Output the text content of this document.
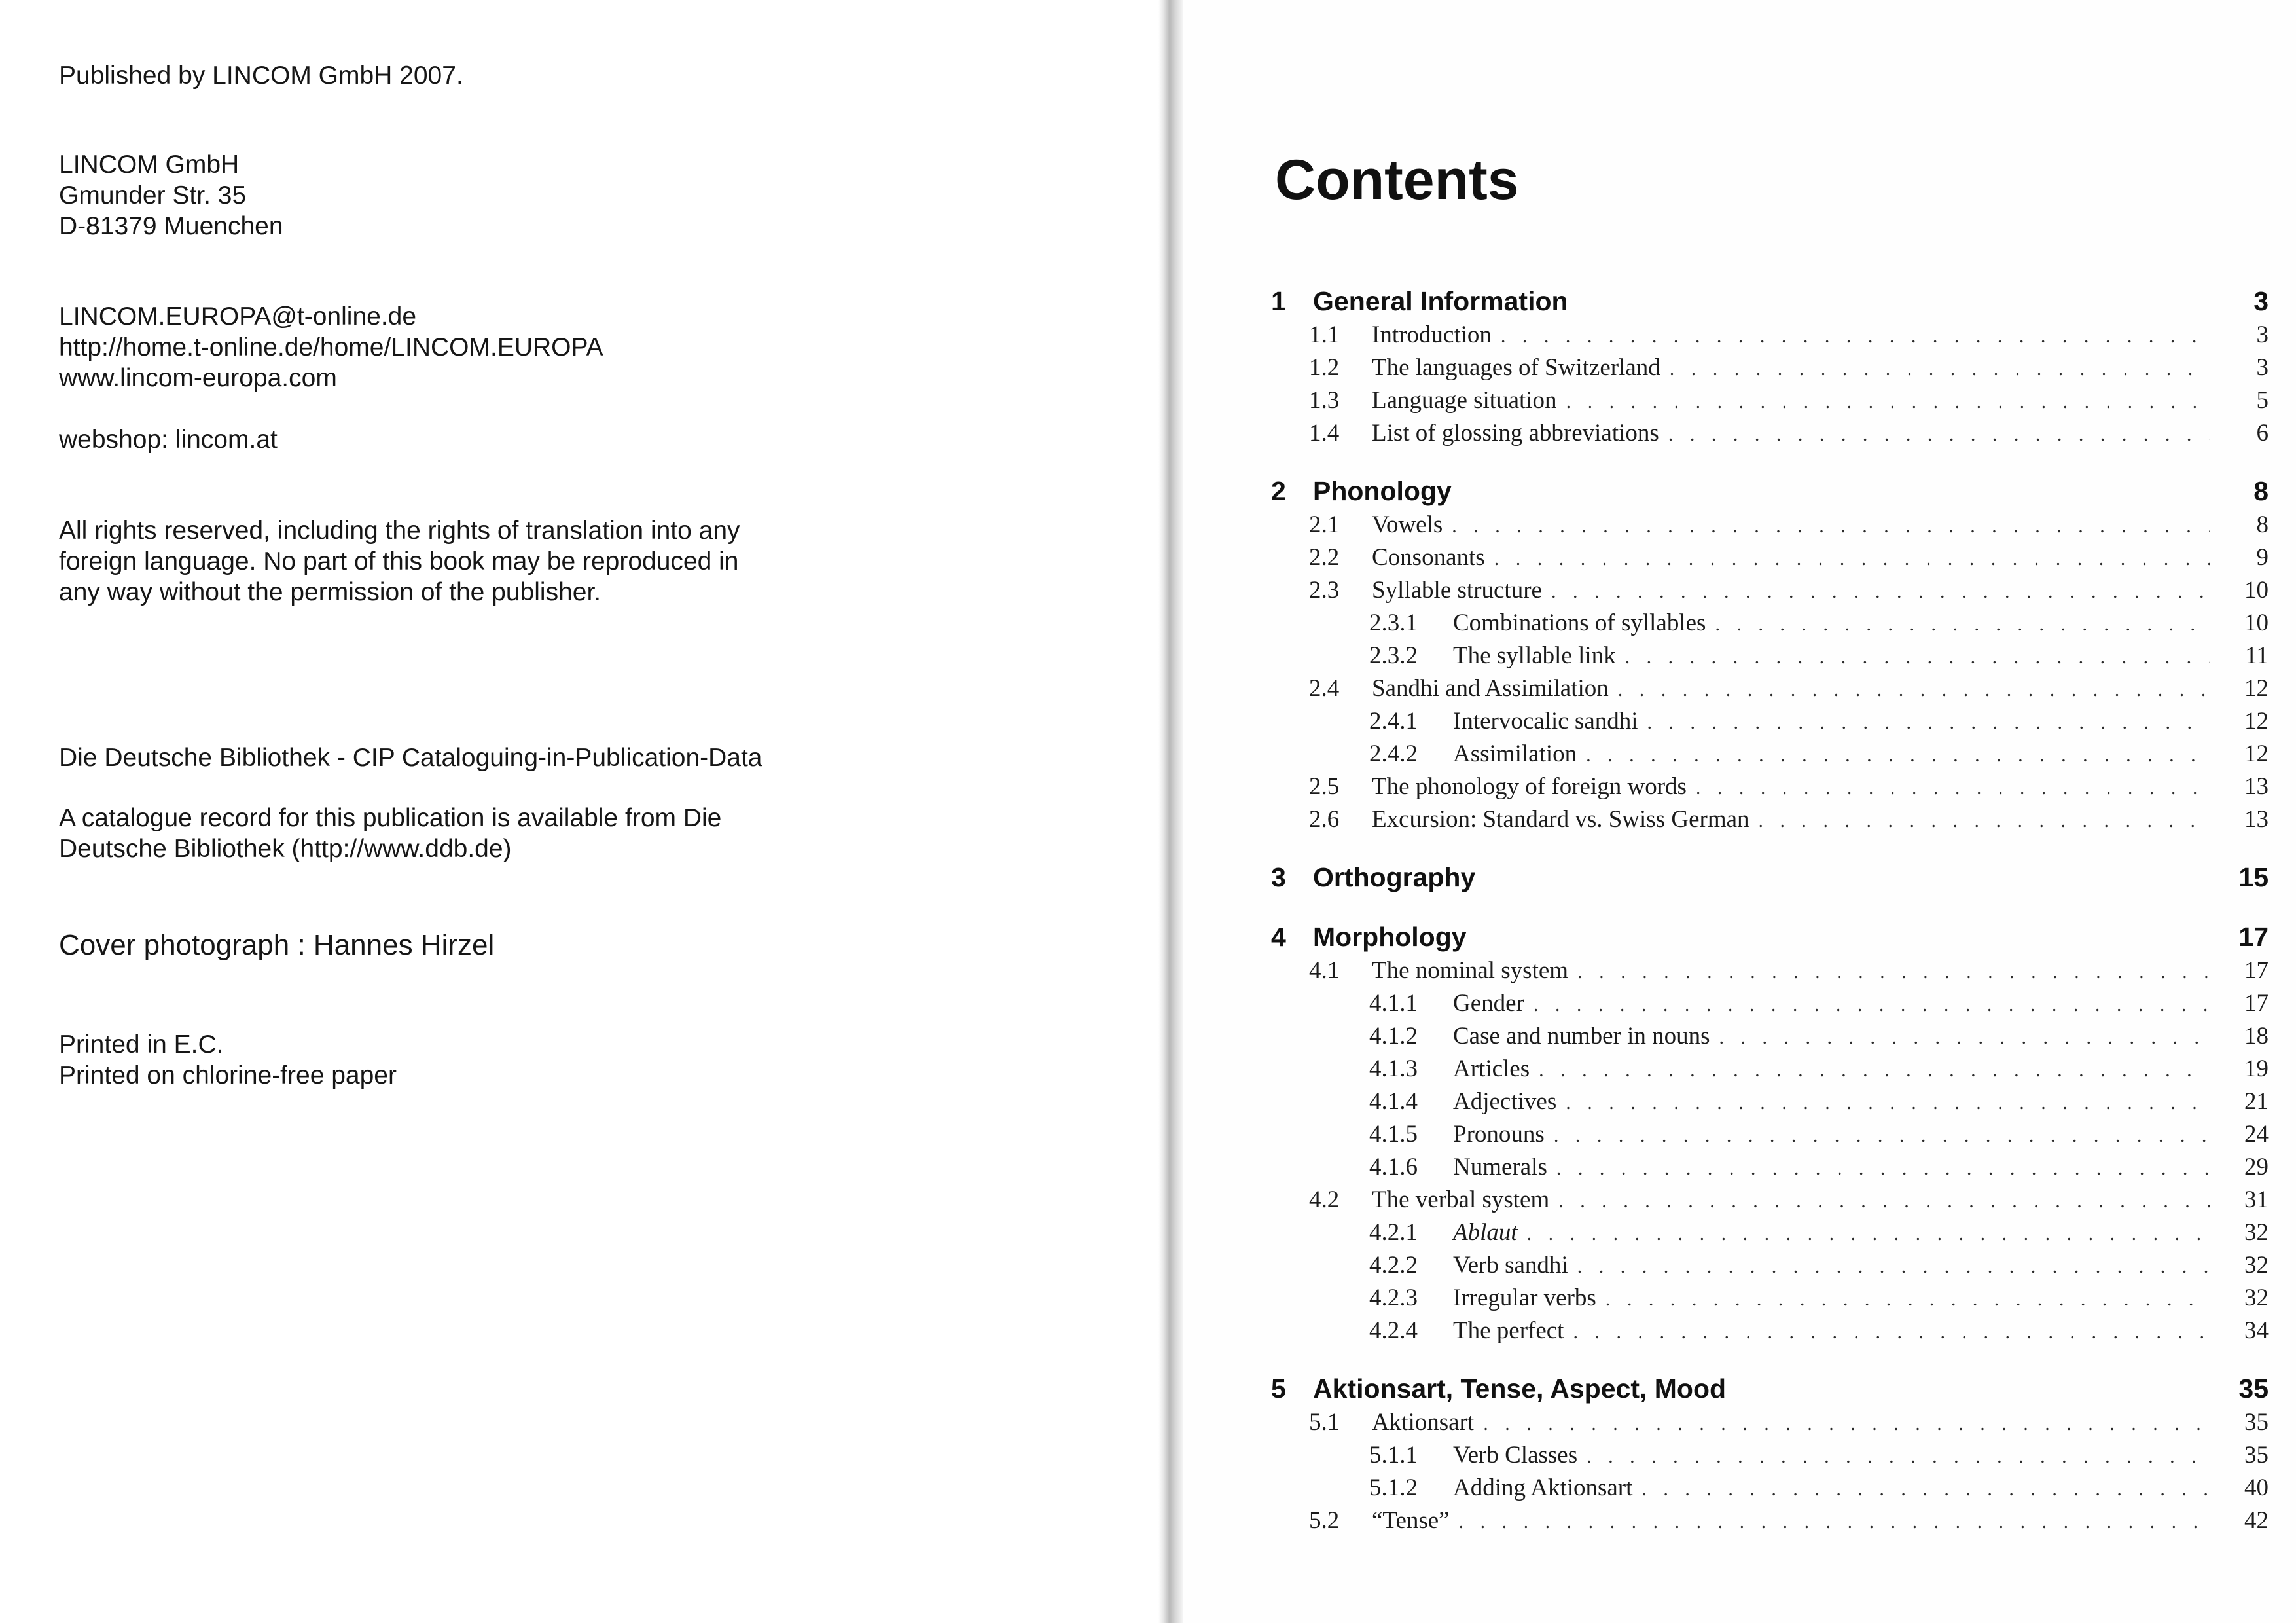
Published by LINCOM GmbH 2007.

LINCOM GmbH

Gmunder Str. 35

D-81379 Muenchen

LINCOM.EUROPA@t-online.de

http://home.t-online.de/home/LINCOM.EUROPA

www.lincom-europa.com

webshop: lincom.at

All rights reserved, including the rights of translation into any

foreign language. No part of this book may be reproduced in

any way without the permission of the publisher.

Die Deutsche Bibliothek - CIP Cataloguing-in-Publication-Data

A catalogue record for this publication is available from Die

Deutsche Bibliothek (http://www.ddb.de)

Cover photograph : Hannes Hirzel

Printed in E.C.

Printed on chlorine-free paper

Contents
1	General Information	3
1.1	Introduction . . .	3
1.2	The languages of Switzerland . . .	3
1.3	Language situation . . .	5
1.4	List of glossing abbreviations . . .	6
2	Phonology	8
2.1	Vowels . . .	8
2.2	Consonants . . .	9
2.3	Syllable structure . . .	10
2.3.1	Combinations of syllables . . .	10
2.3.2	The syllable link . . .	11
2.4	Sandhi and Assimilation . . .	12
2.4.1	Intervocalic sandhi . . .	12
2.4.2	Assimilation . . .	12
2.5	The phonology of foreign words . . .	13
2.6	Excursion: Standard vs. Swiss German . . .	13
3	Orthography	15
4	Morphology	17
4.1	The nominal system . . .	17
4.1.1	Gender . . .	17
4.1.2	Case and number in nouns . . .	18
4.1.3	Articles . . .	19
4.1.4	Adjectives . . .	21
4.1.5	Pronouns . . .	24
4.1.6	Numerals . . .	29
4.2	The verbal system . . .	31
4.2.1	Ablaut . . .	32
4.2.2	Verb sandhi . . .	32
4.2.3	Irregular verbs . . .	32
4.2.4	The perfect . . .	34
5	Aktionsart, Tense, Aspect, Mood	35
5.1	Aktionsart . . .	35
5.1.1	Verb Classes . . .	35
5.1.2	Adding Aktionsart . . .	40
5.2	“Tense” . . .	42
